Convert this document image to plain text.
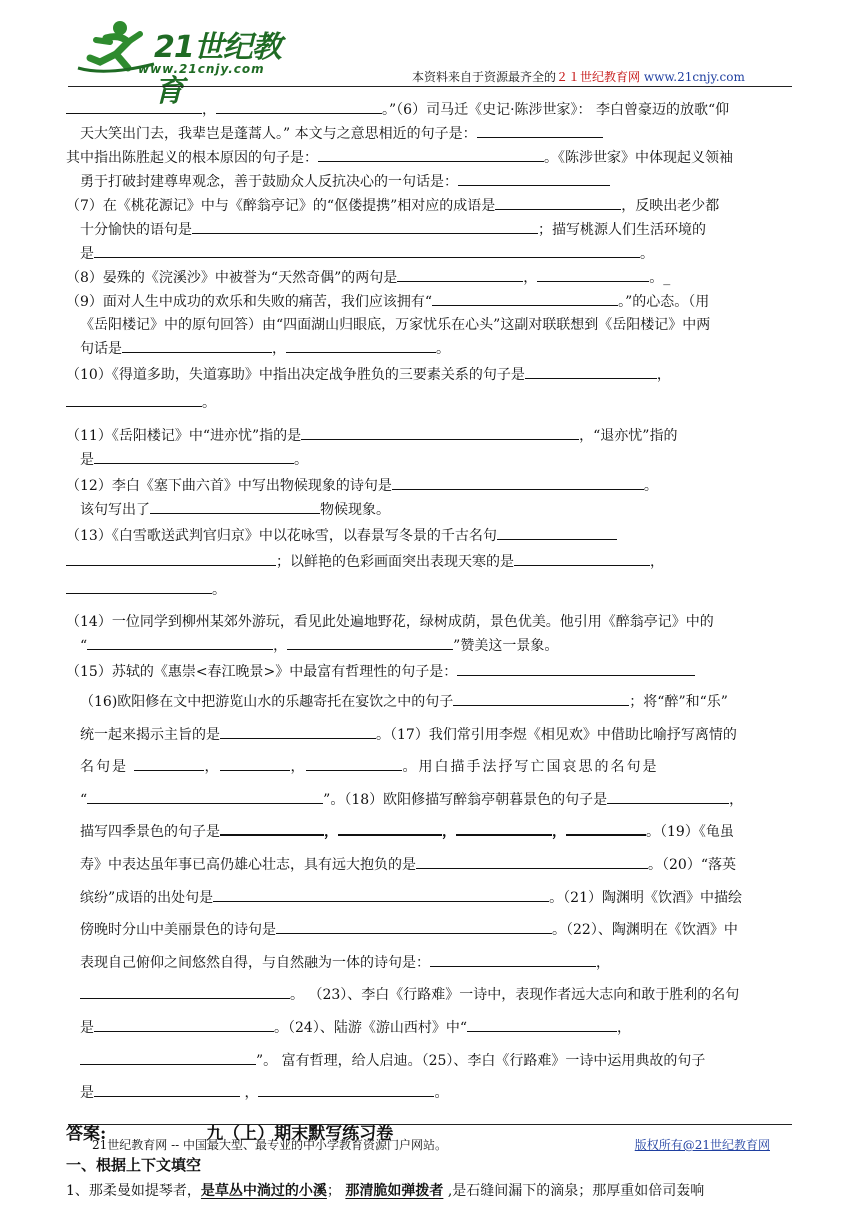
21世纪教育
www.21cnjy.com
本资料来自于资源最齐全的２１世纪教育网 www.21cnjy.com

，	。”（6）司马迁《史记·陈涉世家》： 李白曾豪迈的放歌“仰

天大笑出门去，我辈岂是蓬蒿人。” 本文与之意思相近的句子是：

其中指出陈胜起义的根本原因的句子是：	。《陈涉世家》中体现起义领袖

勇于打破封建尊卑观念，善于鼓励众人反抗决心的一句话是：

（7）在《桃花源记》中与《醉翁亭记》的“伛偻提携”相对应的成语是	，反映出老少都

十分愉快的语句是	；描写桃源人们生活环境的

是	。

（8）晏殊的《浣溪沙》中被誉为“天然奇偶”的两句是	，	。_

（9）面对人生中成功的欢乐和失败的痛苦，我们应该拥有“	。”的心态。（用

《岳阳楼记》中的原句回答）由“四面湖山归眼底，万家忧乐在心头”这副对联联想到《岳阳楼记》中两

句话是	，	。

（10）《得道多助，失道寡助》中指出决定战争胜负的三要素关系的句子是	，

。

（11）《岳阳楼记》中“进亦忧”指的是	，“退亦忧”指的

是	。

（12）李白《塞下曲六首》中写出物候现象的诗句是	。

该句写出了	物候现象。

（13）《白雪歌送武判官归京》中以花咏雪，以春景写冬景的千古名句

；以鲜艳的色彩画面突出表现天寒的是	，

。

（14）一位同学到柳州某郊外游玩，看见此处遍地野花，绿树成荫，景色优美。他引用《醉翁亭记》中的

“	，	”赞美这一景象。

（15）苏轼的《惠崇<春江晚景>》中最富有哲理性的句子是：

（16)欧阳修在文中把游览山水的乐趣寄托在宴饮之中的句子	；将“醉”和“乐”

统一起来揭示主旨的是	。（17）我们常引用李煜《相见欢》中借助比喻抒写离情的

名句是	，	，	。用白描手法抒写亡国哀思的名句是

“	”。（18）欧阳修描写醉翁亭朝暮景色的句子是	，

描写四季景色的句子是	，	，	，	。（19）《龟虽

寿》中表达虽年事已高仍雄心壮志，具有远大抱负的是	。（20）“落英

缤纷”成语的出处句是	。（21）陶渊明《饮酒》中描绘

傍晚时分山中美丽景色的诗句是	。（22）、陶渊明在《饮酒》中

表现自己俯仰之间悠然自得，与自然融为一体的诗句是：	，

。 （23）、李白《行路难》一诗中，表现作者远大志向和敢于胜利的名句

是	。（24）、陆游《游山西村》中“	，

”。 富有哲理，给人启迪。（25）、李白《行路难》一诗中运用典故的句子

是	，	。

答案:	九（上）期末默写练习卷

一、根据上下文填空

1、那柔曼如提琴者，是草丛中淌过的小溪； 那清脆如弹拨者 ,是石缝间漏下的滴泉；那厚重如倍司轰响

21世纪教育网 -- 中国最大型、最专业的中小学教育资源门户网站。	版权所有@21世纪教育网
